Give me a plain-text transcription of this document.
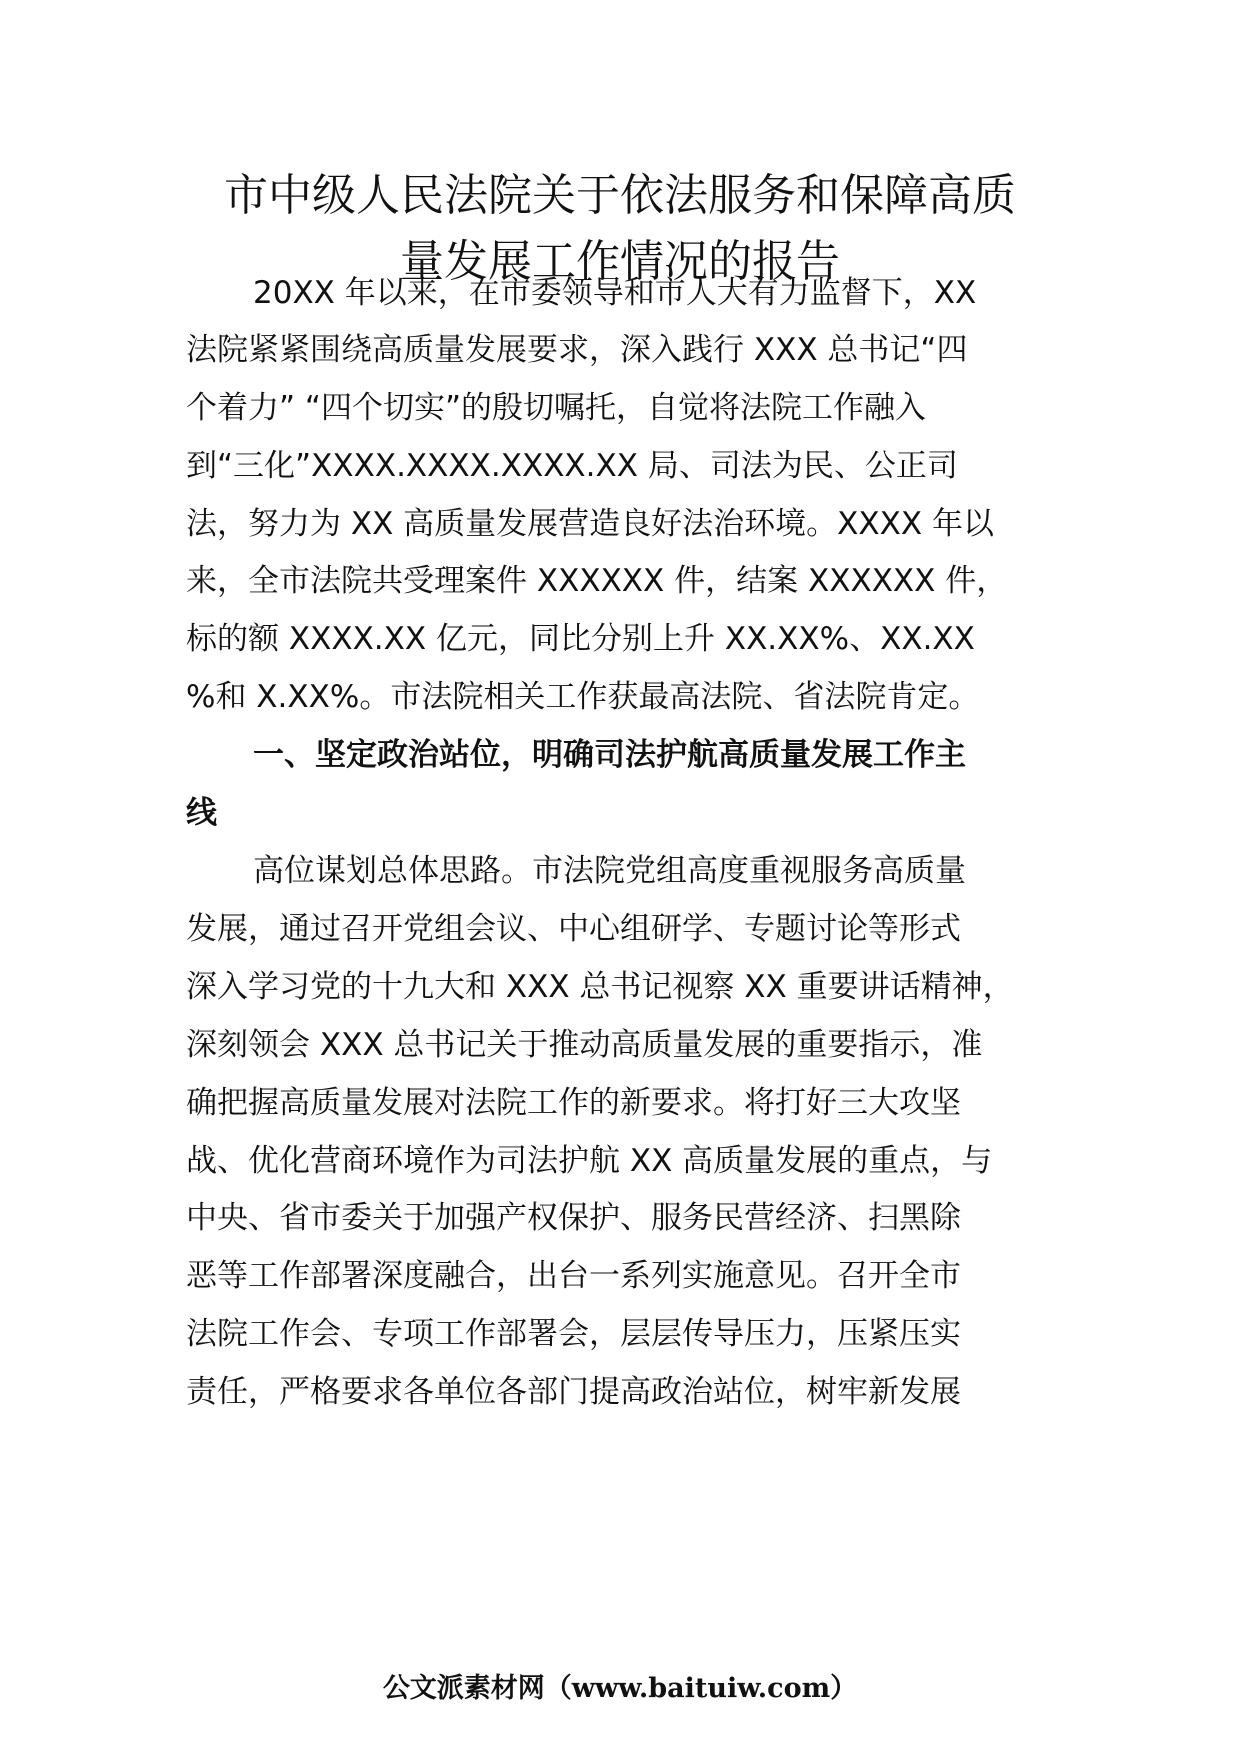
市中级人民法院关于依法服务和保障高质
量发展工作情况的报告

20XX 年以来，在市委领导和市人大有力监督下，XX

法院紧紧围绕高质量发展要求，深入践行 XXX 总书记“四

个着力” “四个切实”的殷切嘱托，自觉将法院工作融入

到“三化”XXXX.XXXX.XXXX.XX 局、司法为民、公正司

法，努力为 XX 高质量发展营造良好法治环境。XXXX 年以

来，全市法院共受理案件 XXXXXX 件，结案 XXXXXX 件，

标的额 XXXX.XX 亿元，同比分别上升 XX.XX%、XX.XX

%和 X.XX%。市法院相关工作获最高法院、省法院肯定。

一、坚定政治站位，明确司法护航高质量发展工作主

线

高位谋划总体思路。市法院党组高度重视服务高质量

发展，通过召开党组会议、中心组研学、专题讨论等形式

深入学习党的十九大和 XXX 总书记视察 XX 重要讲话精神，

深刻领会 XXX 总书记关于推动高质量发展的重要指示，准

确把握高质量发展对法院工作的新要求。将打好三大攻坚

战、优化营商环境作为司法护航 XX 高质量发展的重点，与

中央、省市委关于加强产权保护、服务民营经济、扫黑除

恶等工作部署深度融合，出台一系列实施意见。召开全市

法院工作会、专项工作部署会，层层传导压力，压紧压实

责任，严格要求各单位各部门提高政治站位，树牢新发展

公文派素材网（www.baituiw.com）
